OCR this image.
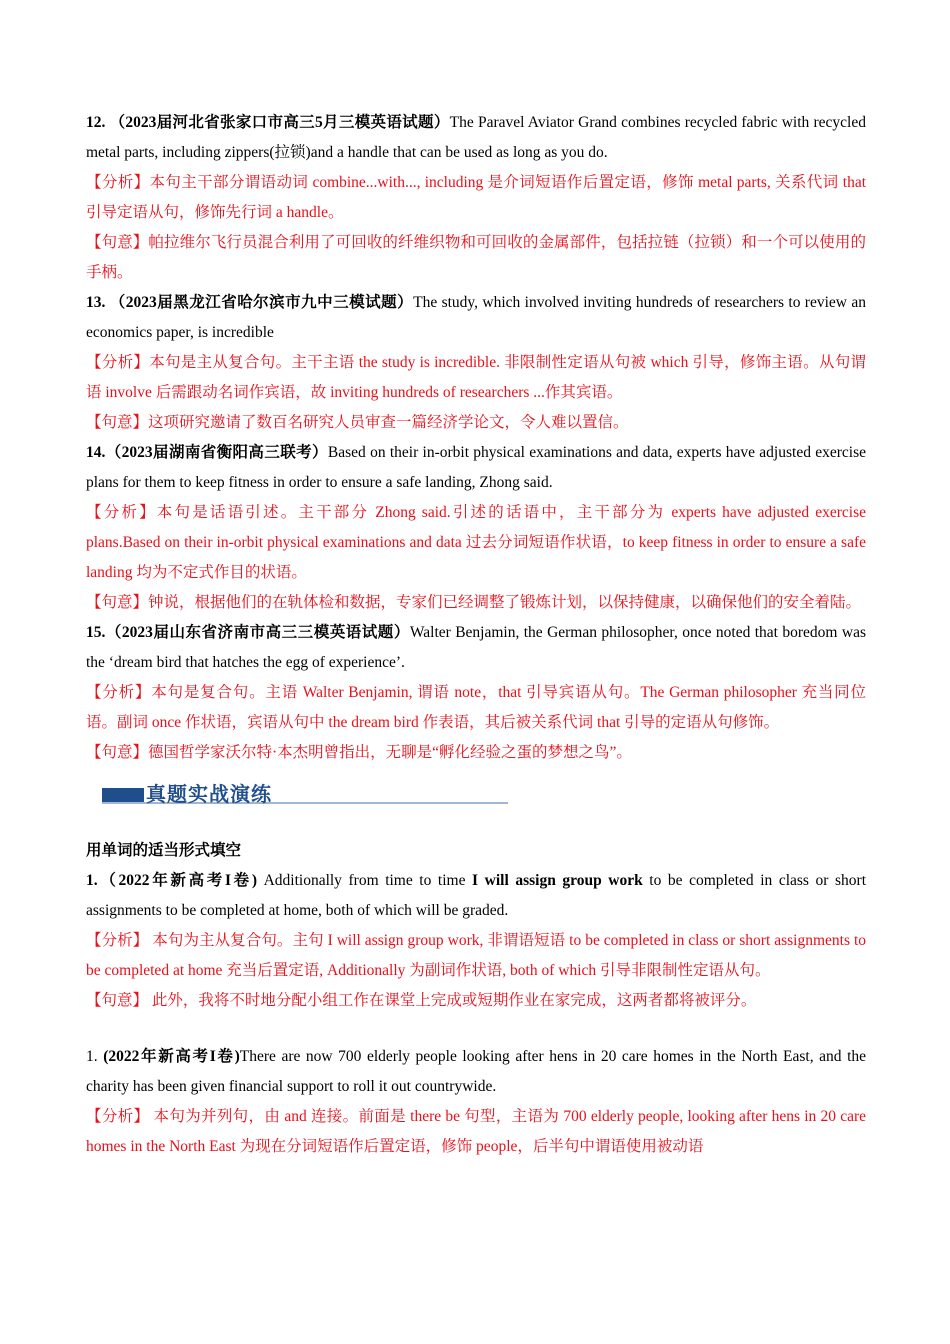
12. （2023届河北省张家口市高三5月三模英语试题）The Paravel Aviator Grand combines recycled fabric with recycled metal parts, including zippers(拉锁)and a handle that can be used as long as you do.

【分析】本句主干部分谓语动词 combine...with..., including 是介词短语作后置定语，修饰 metal parts, 关系代词 that 引导定语从句，修饰先行词 a handle。

【句意】帕拉维尔飞行员混合利用了可回收的纤维织物和可回收的金属部件，包括拉链（拉锁）和一个可以使用的手柄。

13. （2023届黑龙江省哈尔滨市九中三模试题）The study, which involved inviting hundreds of researchers to review an economics paper, is incredible

【分析】本句是主从复合句。主干主语 the study is incredible. 非限制性定语从句被 which 引导，修饰主语。从句谓语 involve 后需跟动名词作宾语，故 inviting hundreds of researchers ...作其宾语。

【句意】这项研究邀请了数百名研究人员审查一篇经济学论文，令人难以置信。

14.（2023届湖南省衡阳高三联考）Based on their in-orbit physical examinations and data, experts have adjusted exercise plans for them to keep fitness in order to ensure a safe landing, Zhong said.

【分析】本句是话语引述。主干部分 Zhong said.引述的话语中，主干部分为 experts have adjusted exercise plans.Based on their in-orbit physical examinations and data 过去分词短语作状语，to keep fitness in order to ensure a safe landing 均为不定式作目的状语。

【句意】钟说，根据他们的在轨体检和数据，专家们已经调整了锻炼计划，以保持健康，以确保他们的安全着陆。

15.（2023届山东省济南市高三三模英语试题）Walter Benjamin, the German philosopher, once noted that boredom was the ‘dream bird that hatches the egg of experience’.

【分析】本句是复合句。主语 Walter Benjamin, 谓语 note，that 引导宾语从句。The German philosopher 充当同位语。副词 once 作状语，宾语从句中 the dream bird 作表语，其后被关系代词 that 引导的定语从句修饰。

【句意】德国哲学家沃尔特·本杰明曾指出，无聊是“孵化经验之蛋的梦想之鸟”。

真题实战演练

用单词的适当形式填空

1.（2022年新高考I卷) Additionally from time to time I will assign group work to be completed in class or short assignments to be completed at home, both of which will be graded.

【分析】 本句为主从复合句。主句 I will assign group work, 非谓语短语 to be completed in class or short assignments to be completed at home 充当后置定语, Additionally 为副词作状语, both of which 引导非限制性定语从句。

【句意】 此外，我将不时地分配小组工作在课堂上完成或短期作业在家完成，这两者都将被评分。

1. (2022年新高考I卷)There are now 700 elderly people looking after hens in 20 care homes in the North East, and the charity has been given financial support to roll it out countrywide.

【分析】 本句为并列句，由 and 连接。前面是 there be 句型，主语为 700 elderly people, looking after hens in 20 care homes in the North East 为现在分词短语作后置定语，修饰 people，后半句中谓语使用被动语
